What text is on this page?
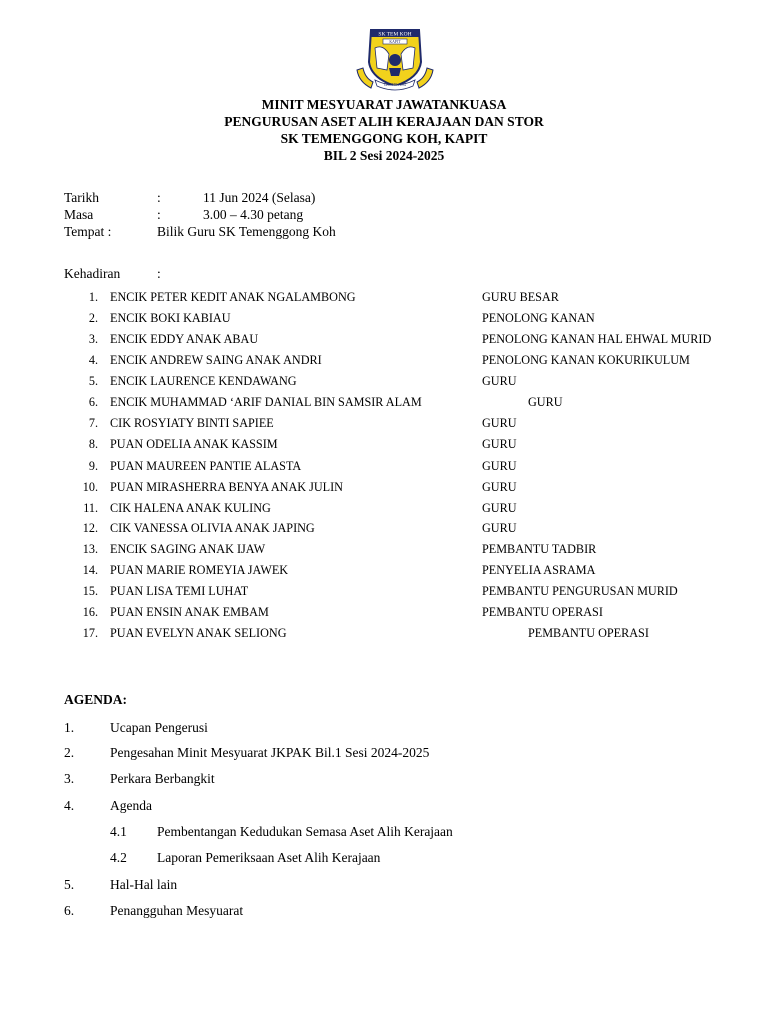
SK TEM KOH
KAPIT
CEMERLANG
MINIT MESYUARAT JAWATANKUASA
PENGURUSAN ASET ALIH KERAJAAN DAN STOR
SK TEMENGGONG KOH, KAPIT
BIL 2 Sesi 2024-2025
Tarikh	:	11 Jun 2024 (Selasa)
Masa	:	3.00 – 4.30 petang
Tempat :	Bilik Guru SK Temenggong Koh
Kehadiran	:
1. ENCIK PETER KEDIT ANAK NGALAMBONG	GURU BESAR
2. ENCIK BOKI KABIAU	PENOLONG KANAN
3. ENCIK EDDY ANAK ABAU	PENOLONG KANAN HAL EHWAL MURID
4. ENCIK ANDREW SAING ANAK ANDRI	PENOLONG KANAN KOKURIKULUM
5. ENCIK LAURENCE KENDAWANG	GURU
6. ENCIK MUHAMMAD ‘ARIF DANIAL BIN SAMSIR ALAM	GURU
7. CIK ROSYIATY BINTI SAPIEE	GURU
8. PUAN ODELIA ANAK KASSIM	GURU
9. PUAN MAUREEN PANTIE ALASTA	GURU
10. PUAN MIRASHERRA BENYA ANAK JULIN	GURU
11. CIK HALENA ANAK KULING	GURU
12. CIK VANESSA OLIVIA ANAK JAPING	GURU
13. ENCIK SAGING ANAK IJAW	PEMBANTU TADBIR
14. PUAN MARIE ROMEYIA JAWEK	PENYELIA ASRAMA
15. PUAN LISA TEMI LUHAT	PEMBANTU PENGURUSAN MURID
16. PUAN ENSIN ANAK EMBAM	PEMBANTU OPERASI
17. PUAN EVELYN ANAK SELIONG	PEMBANTU OPERASI
AGENDA:
1.	Ucapan Pengerusi
2.	Pengesahan Minit Mesyuarat JKPAK Bil.1 Sesi 2024-2025
3.	Perkara Berbangkit
4.	Agenda
4.1 Pembentangan Kedudukan Semasa Aset Alih Kerajaan
4.2 Laporan Pemeriksaan Aset Alih Kerajaan
5.	Hal-Hal lain
6.	Penangguhan Mesyuarat
